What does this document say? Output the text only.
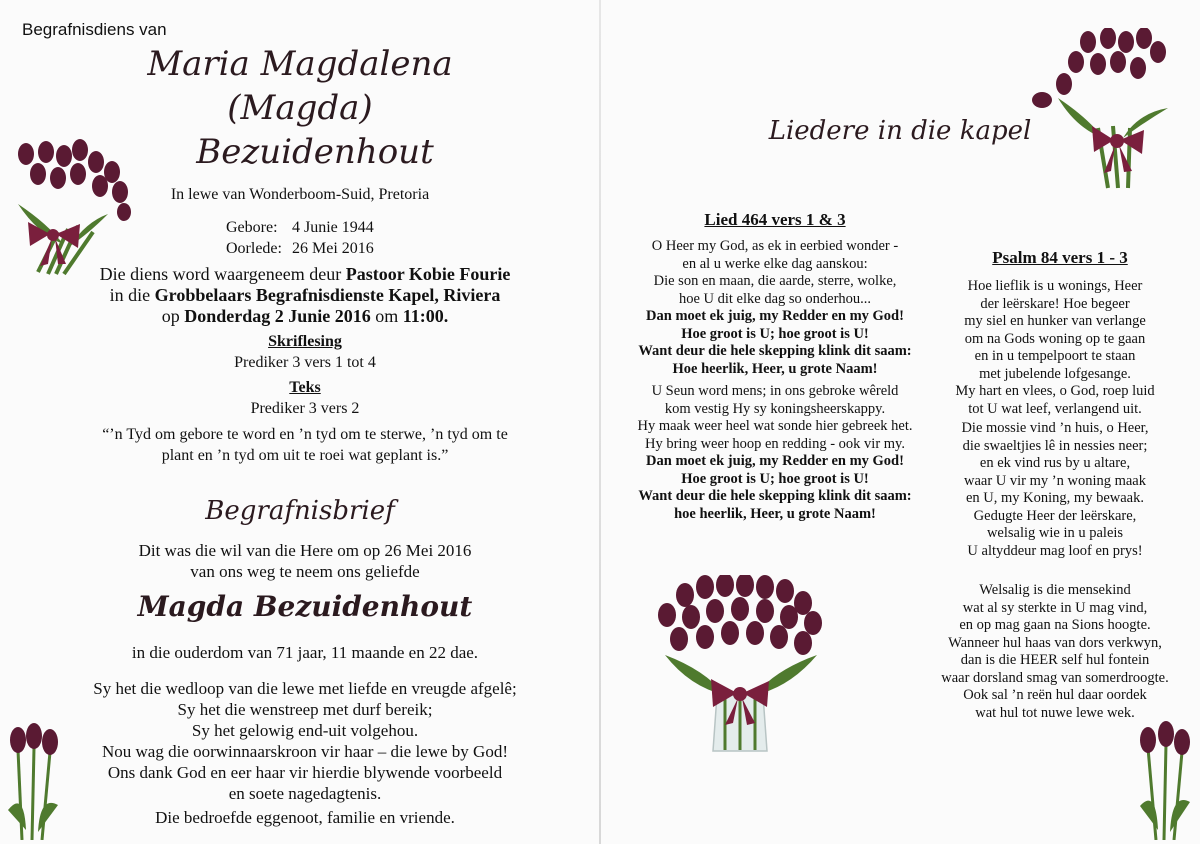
Begrafnisdiens van
Maria Magdalena
(Magda)
Bezuidenhout
In lewe van Wonderboom-Suid, Pretoria
Gebore: 4 Junie 1944
Oorlede: 26 Mei 2016
Die diens word waargeneem deur Pastoor Kobie Fourie
in die Grobbelaars Begrafnisdienste Kapel, Riviera
op Donderdag 2 Junie 2016 om 11:00.
Skriflesing
Prediker 3 vers 1 tot 4
Teks
Prediker 3 vers 2
“’n Tyd om gebore te word en ’n tyd om te sterwe, ’n tyd om te
plant en ’n tyd om uit te roei wat geplant is.”
Begrafnisbrief
Dit was die wil van die Here om op 26 Mei 2016
van ons weg te neem ons geliefde
Magda Bezuidenhout
in die ouderdom van 71 jaar, 11 maande en 22 dae.
Sy het die wedloop van die lewe met liefde en vreugde afgelê;
Sy het die wenstreep met durf bereik;
Sy het gelowig end-uit volgehou.
Nou wag die oorwinnaarskroon vir haar – die lewe by God!
Ons dank God en eer haar vir hierdie blywende voorbeeld
en soete nagedagtenis.
Die bedroefde eggenoot, familie en vriende.
Liedere in die kapel
Lied 464 vers 1 & 3
O Heer my God, as ek in eerbied wonder -
en al u werke elke dag aanskou:
Die son en maan, die aarde, sterre, wolke,
hoe U dit elke dag so onderhou...
Dan moet ek juig, my Redder en my God!
Hoe groot is U; hoe groot is U!
Want deur die hele skepping klink dit saam:
Hoe heerlik, Heer, u grote Naam!
U Seun word mens; in ons gebroke wêreld
kom vestig Hy sy koningsheerskappy.
Hy maak weer heel wat sonde hier gebreek het.
Hy bring weer hoop en redding - ook vir my.
Dan moet ek juig, my Redder en my God!
Hoe groot is U; hoe groot is U!
Want deur die hele skepping klink dit saam:
hoe heerlik, Heer, u grote Naam!
Psalm 84 vers 1 - 3
Hoe lieflik is u wonings, Heer
der leërskare! Hoe begeer
my siel en hunker van verlange
om na Gods woning op te gaan
en in u tempelpoort te staan
met jubelende lofgesange.
My hart en vlees, o God, roep luid
tot U wat leef, verlangend uit.
Die mossie vind ’n huis, o Heer,
die swaeltjies lê in nessies neer;
en ek vind rus by u altare,
waar U vir my ’n woning maak
en U, my Koning, my bewaak.
Gedugte Heer der leërskare,
welsalig wie in u paleis
U altyddeur mag loof en prys!
Welsalig is die mensekind
wat al sy sterkte in U mag vind,
en op mag gaan na Sions hoogte.
Wanneer hul haas van dors verkwyn,
dan is die HEER self hul fontein
waar dorsland smag van somerdroogte.
Ook sal ’n reën hul daar oordek
wat hul tot nuwe lewe wek.
